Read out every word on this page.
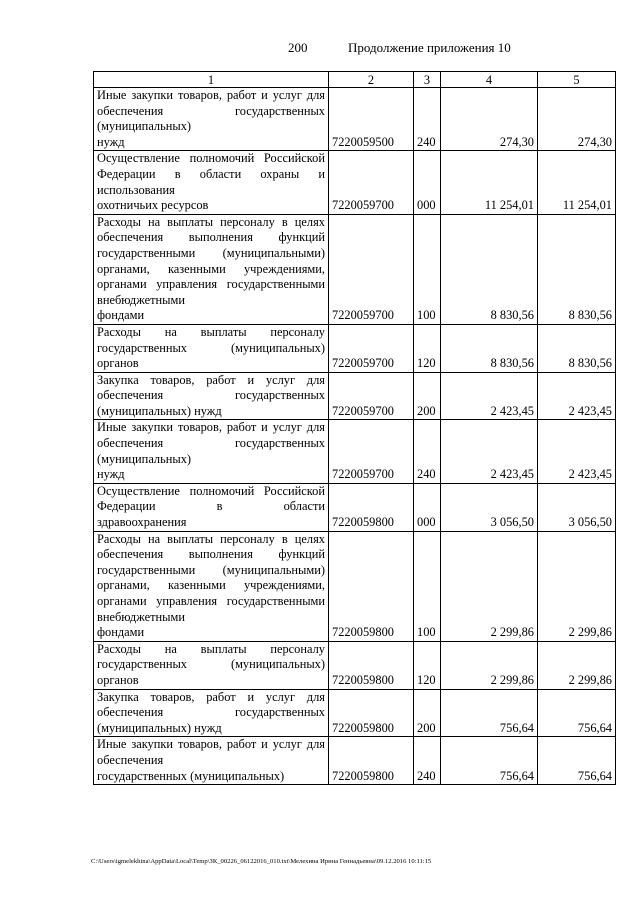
200	Продолжение приложения 10
1	2	3	4	5
Иные закупки товаров, работ и услуг для обеспечения государственных (муниципальных)
нужд	7220059500	240	274,30	274,30
Осуществление полномочий Российской Федерации в области охраны и использования
охотничьих ресурсов	7220059700	000	11 254,01	11 254,01
Расходы на выплаты персоналу в целях обеспечения выполнения функций государственными (муниципальными) органами, казенными учреждениями, органами управления государственными внебюджетными
фондами	7220059700	100	8 830,56	8 830,56
Расходы на выплаты персоналу государственных (муниципальных)
органов	7220059700	120	8 830,56	8 830,56
Закупка товаров, работ и услуг для обеспечения государственных
(муниципальных) нужд	7220059700	200	2 423,45	2 423,45
Иные закупки товаров, работ и услуг для обеспечения государственных (муниципальных)
нужд	7220059700	240	2 423,45	2 423,45
Осуществление полномочий Российской Федерации в области
здравоохранения	7220059800	000	3 056,50	3 056,50
Расходы на выплаты персоналу в целях обеспечения выполнения функций государственными (муниципальными) органами, казенными учреждениями, органами управления государственными внебюджетными
фондами	7220059800	100	2 299,86	2 299,86
Расходы на выплаты персоналу государственных (муниципальных)
органов	7220059800	120	2 299,86	2 299,86
Закупка товаров, работ и услуг для обеспечения государственных
(муниципальных) нужд	7220059800	200	756,64	756,64
Иные закупки товаров, работ и услуг для обеспечения
государственных (муниципальных)	7220059800	240	756,64	756,64
C:\Users\igmelekhina\AppData\Local\Temp\ЗК_00226_06122016_010.txt\Мелехина Ирина Геннадьевна\09.12.2016 10:11:15
